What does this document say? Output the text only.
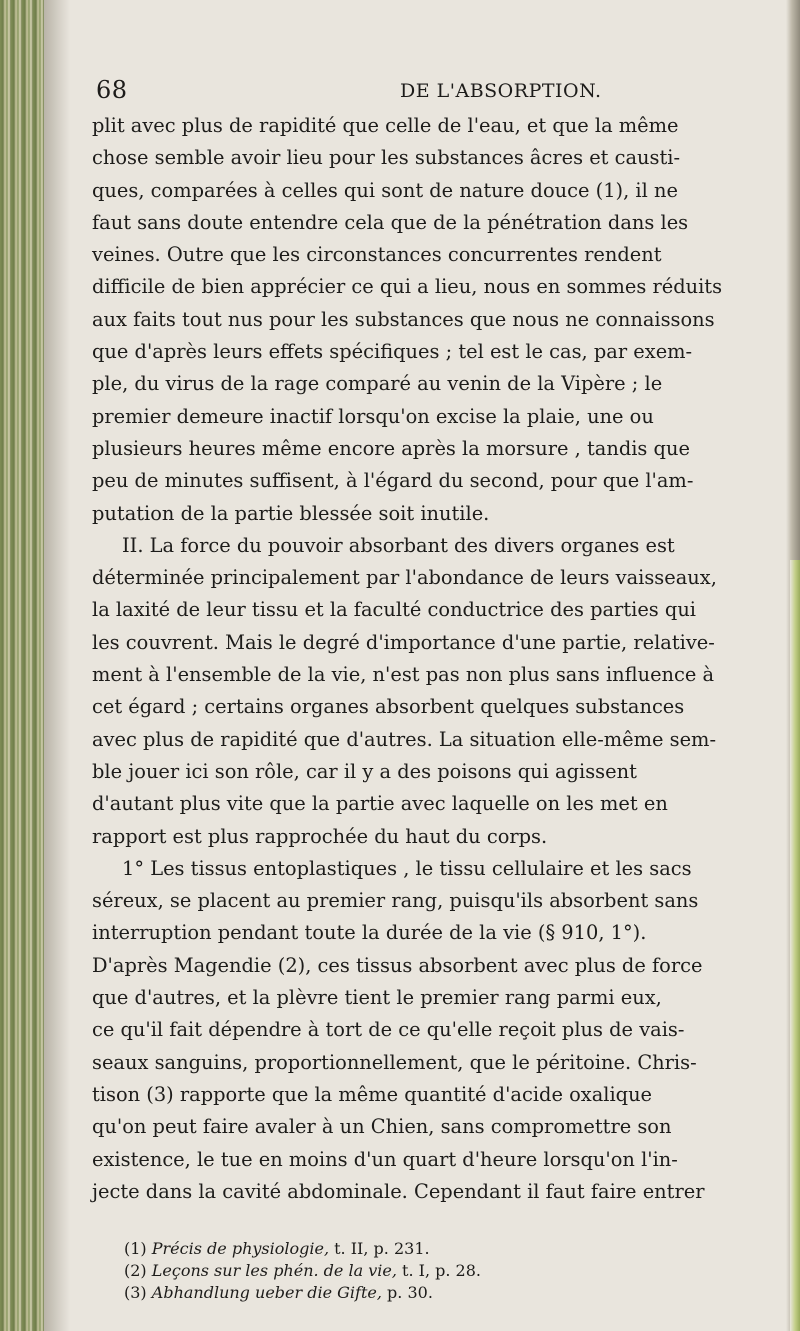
68	DE L'ABSORPTION.
plit avec plus de rapidité que celle de l'eau, et que la même
chose semble avoir lieu pour les substances âcres et causti-
ques, comparées à celles qui sont de nature douce (1), il ne
faut sans doute entendre cela que de la pénétration dans les
veines. Outre que les circonstances concurrentes rendent
difficile de bien apprécier ce qui a lieu, nous en sommes réduits
aux faits tout nus pour les substances que nous ne connaissons
que d'après leurs effets spécifiques ; tel est le cas, par exem-
ple, du virus de la rage comparé au venin de la Vipère ; le
premier demeure inactif lorsqu'on excise la plaie, une ou
plusieurs heures même encore après la morsure , tandis que
peu de minutes suffisent, à l'égard du second, pour que l'am-
putation de la partie blessée soit inutile.
II. La force du pouvoir absorbant des divers organes est
déterminée principalement par l'abondance de leurs vaisseaux,
la laxité de leur tissu et la faculté conductrice des parties qui
les couvrent. Mais le degré d'importance d'une partie, relative-
ment à l'ensemble de la vie, n'est pas non plus sans influence à
cet égard ; certains organes absorbent quelques substances
avec plus de rapidité que d'autres. La situation elle-même sem-
ble jouer ici son rôle, car il y a des poisons qui agissent
d'autant plus vite que la partie avec laquelle on les met en
rapport est plus rapprochée du haut du corps.
1° Les tissus entoplastiques , le tissu cellulaire et les sacs
séreux, se placent au premier rang, puisqu'ils absorbent sans
interruption pendant toute la durée de la vie (§ 910, 1°).
D'après Magendie (2), ces tissus absorbent avec plus de force
que d'autres, et la plèvre tient le premier rang parmi eux,
ce qu'il fait dépendre à tort de ce qu'elle reçoit plus de vais-
seaux sanguins, proportionnellement, que le péritoine. Chris-
tison (3) rapporte que la même quantité d'acide oxalique
qu'on peut faire avaler à un Chien, sans compromettre son
existence, le tue en moins d'un quart d'heure lorsqu'on l'in-
jecte dans la cavité abdominale. Cependant il faut faire entrer
(1) Précis de physiologie, t. II, p. 231.
(2) Leçons sur les phén. de la vie, t. I, p. 28.
(3) Abhandlung ueber die Gifte, p. 30.
